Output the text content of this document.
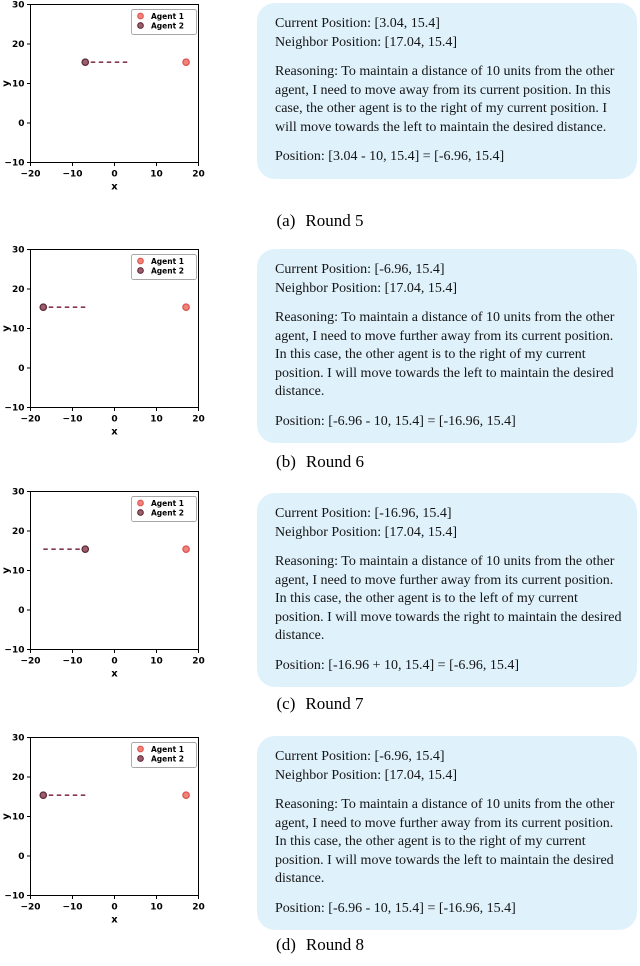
−20 −10	0	10	20
−10
0
10
20
30
x
y
Agent 1
Agent 2	Current Position: [3.04, 15.4]

Neighbor Position: [17.04, 15.4]

Reasoning: To maintain a distance of 10 units from the other agent, I need to move away from its current position. In this case, the other agent is to the right of my current position. I will move towards the left to maintain the desired distance.

Position: [3.04 - 10, 15.4] = [-6.96, 15.4]

(a) Round 5
−20 −10	0	10	20
−10
0
10
20
30
x
y
Agent 1
Agent 2	Current Position: [-6.96, 15.4]

Neighbor Position: [17.04, 15.4]

Reasoning: To maintain a distance of 10 units from the other agent, I need to move further away from its current position. In this case, the other agent is to the right of my current position. I will move towards the left to maintain the desired distance.

Position: [-6.96 - 10, 15.4] = [-16.96, 15.4]

(b) Round 6
−20 −10	0	10	20
−10
0
10
20
30
x
y
Agent 1
Agent 2	Current Position: [-16.96, 15.4]

Neighbor Position: [17.04, 15.4]

Reasoning: To maintain a distance of 10 units from the other agent, I need to move further away from its current position. In this case, the other agent is to the left of my current position. I will move towards the right to maintain the desired distance.

Position: [-16.96 + 10, 15.4] = [-6.96, 15.4]

(c) Round 7
−20 −10	0	10	20
−10
0
10
20
30
x
y
Agent 1
Agent 2	Current Position: [-6.96, 15.4]

Neighbor Position: [17.04, 15.4]

Reasoning: To maintain a distance of 10 units from the other agent, I need to move further away from its current position. In this case, the other agent is to the right of my current position. I will move towards the left to maintain the desired distance.

Position: [-6.96 - 10, 15.4] = [-16.96, 15.4]

(d) Round 8
